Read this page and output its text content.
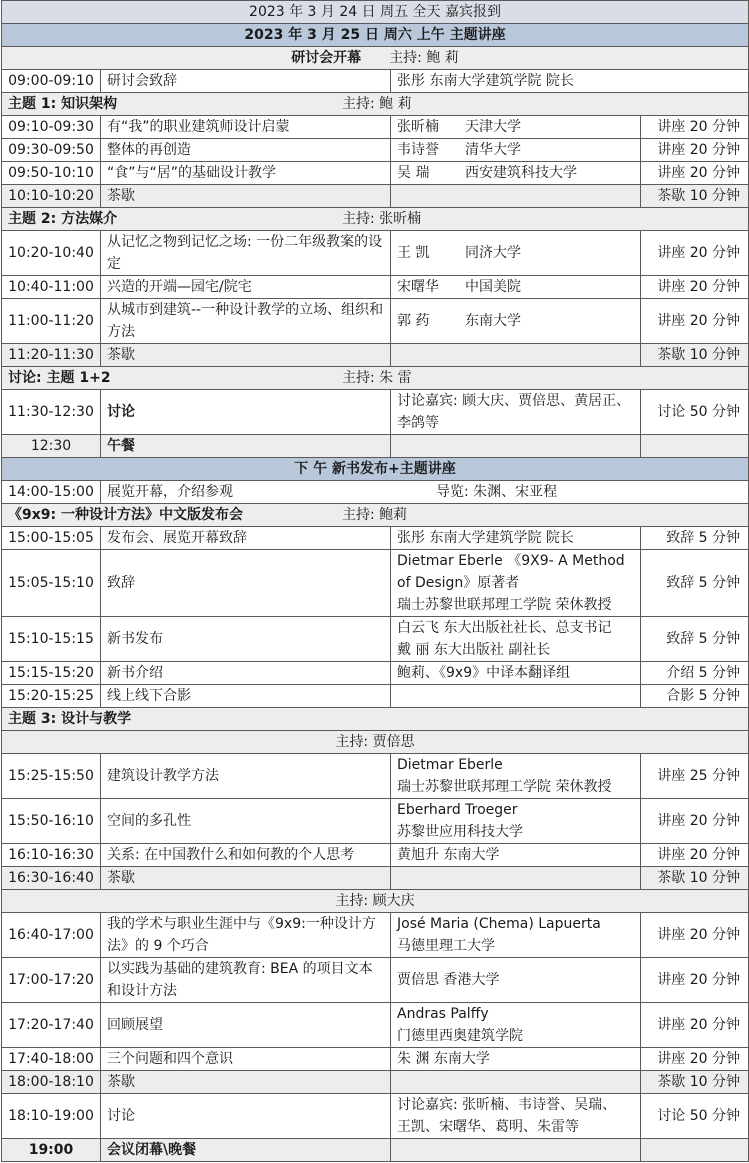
2023 年 3 月 24 日 周五 全天 嘉宾报到			
2023 年 3 月 25 日 周六 上午 主题讲座			
研讨会开幕 主持: 鲍 莉			
09:00-09:10	研讨会致辞	张彤 东南大学建筑学院 院长	
主题 1: 知识架构 主持: 鲍 莉			

09:10-09:30	有“我”的职业建筑师设计启蒙	张昕楠 天津大学	讲座 20 分钟
09:30-09:50	整体的再创造	韦诗誉 清华大学	讲座 20 分钟
09:50-10:10	“食”与“居”的基础设计教学	吴 瑞 西安建筑科技大学	讲座 20 分钟
10:10-10:20	茶歇		茶歇 10 分钟
主题 2: 方法媒介 主持: 张昕楠			

10:20-10:40	从记忆之物到记忆之场: 一份二年级教案的设定	王 凯 同济大学	讲座 20 分钟
10:40-11:00	兴造的开端—园宅/院宅	宋曙华 中国美院	讲座 20 分钟
11:00-11:20	从城市到建筑--一种设计教学的立场、组织和方法	郭 药 东南大学	讲座 20 分钟
11:20-11:30	茶歇		茶歇 10 分钟
讨论: 主题 1+2 主持: 朱 雷			

11:30-12:30	讨论	讨论嘉宾: 顾大庆、贾倍思、黄居正、李鸽等	讨论 50 分钟
12:30	午餐		
下 午 新书发布+主题讲座			
14:00-15:00	展览开幕，介绍参观 导览: 朱渊、宋亚程		

《9x9: 一种设计方法》中文版发布会 主持: 鲍莉			

15:00-15:05	发布会、展览开幕致辞	张彤 东南大学建筑学院 院长	致辞 5 分钟
15:05-15:10	致辞	Dietmar Eberle 《9X9- A Method of Design》原著者
瑞士苏黎世联邦理工学院 荣休教授	致辞 5 分钟
15:10-15:15	新书发布	白云飞 东大出版社社长、总支书记
戴 丽 东大出版社 副社长	致辞 5 分钟
15:15-15:20	新书介绍	鲍莉、《9x9》中译本翻译组	介绍 5 分钟
15:20-15:25	线上线下合影		合影 5 分钟
主题 3: 设计与教学			
主持: 贾倍思			
15:25-15:50	建筑设计教学方法	Dietmar Eberle
瑞士苏黎世联邦理工学院 荣休教授	讲座 25 分钟
15:50-16:10	空间的多孔性	Eberhard Troeger
苏黎世应用科技大学	讲座 20 分钟
16:10-16:30	关系: 在中国教什么和如何教的个人思考	黄旭升 东南大学	讲座 20 分钟
16:30-16:40	茶歇		茶歇 10 分钟
主持: 顾大庆			
16:40-17:00	我的学术与职业生涯中与《9x9:一种设计方法》的 9 个巧合	José Maria (Chema) Lapuerta
马德里理工大学	讲座 20 分钟
17:00-17:20	以实践为基础的建筑教育: BEA 的项目文本和设计方法	贾倍思 香港大学	讲座 20 分钟
17:20-17:40	回顾展望	Andras Palffy
门德里西奥建筑学院	讲座 20 分钟
17:40-18:00	三个问题和四个意识	朱 渊 东南大学	讲座 20 分钟
18:00-18:10	茶歇		茶歇 10 分钟
18:10-19:00	讨论	讨论嘉宾: 张昕楠、韦诗誉、吴瑞、
王凯、宋曙华、葛明、朱雷等	讨论 50 分钟
19:00	会议闭幕\晚餐		
